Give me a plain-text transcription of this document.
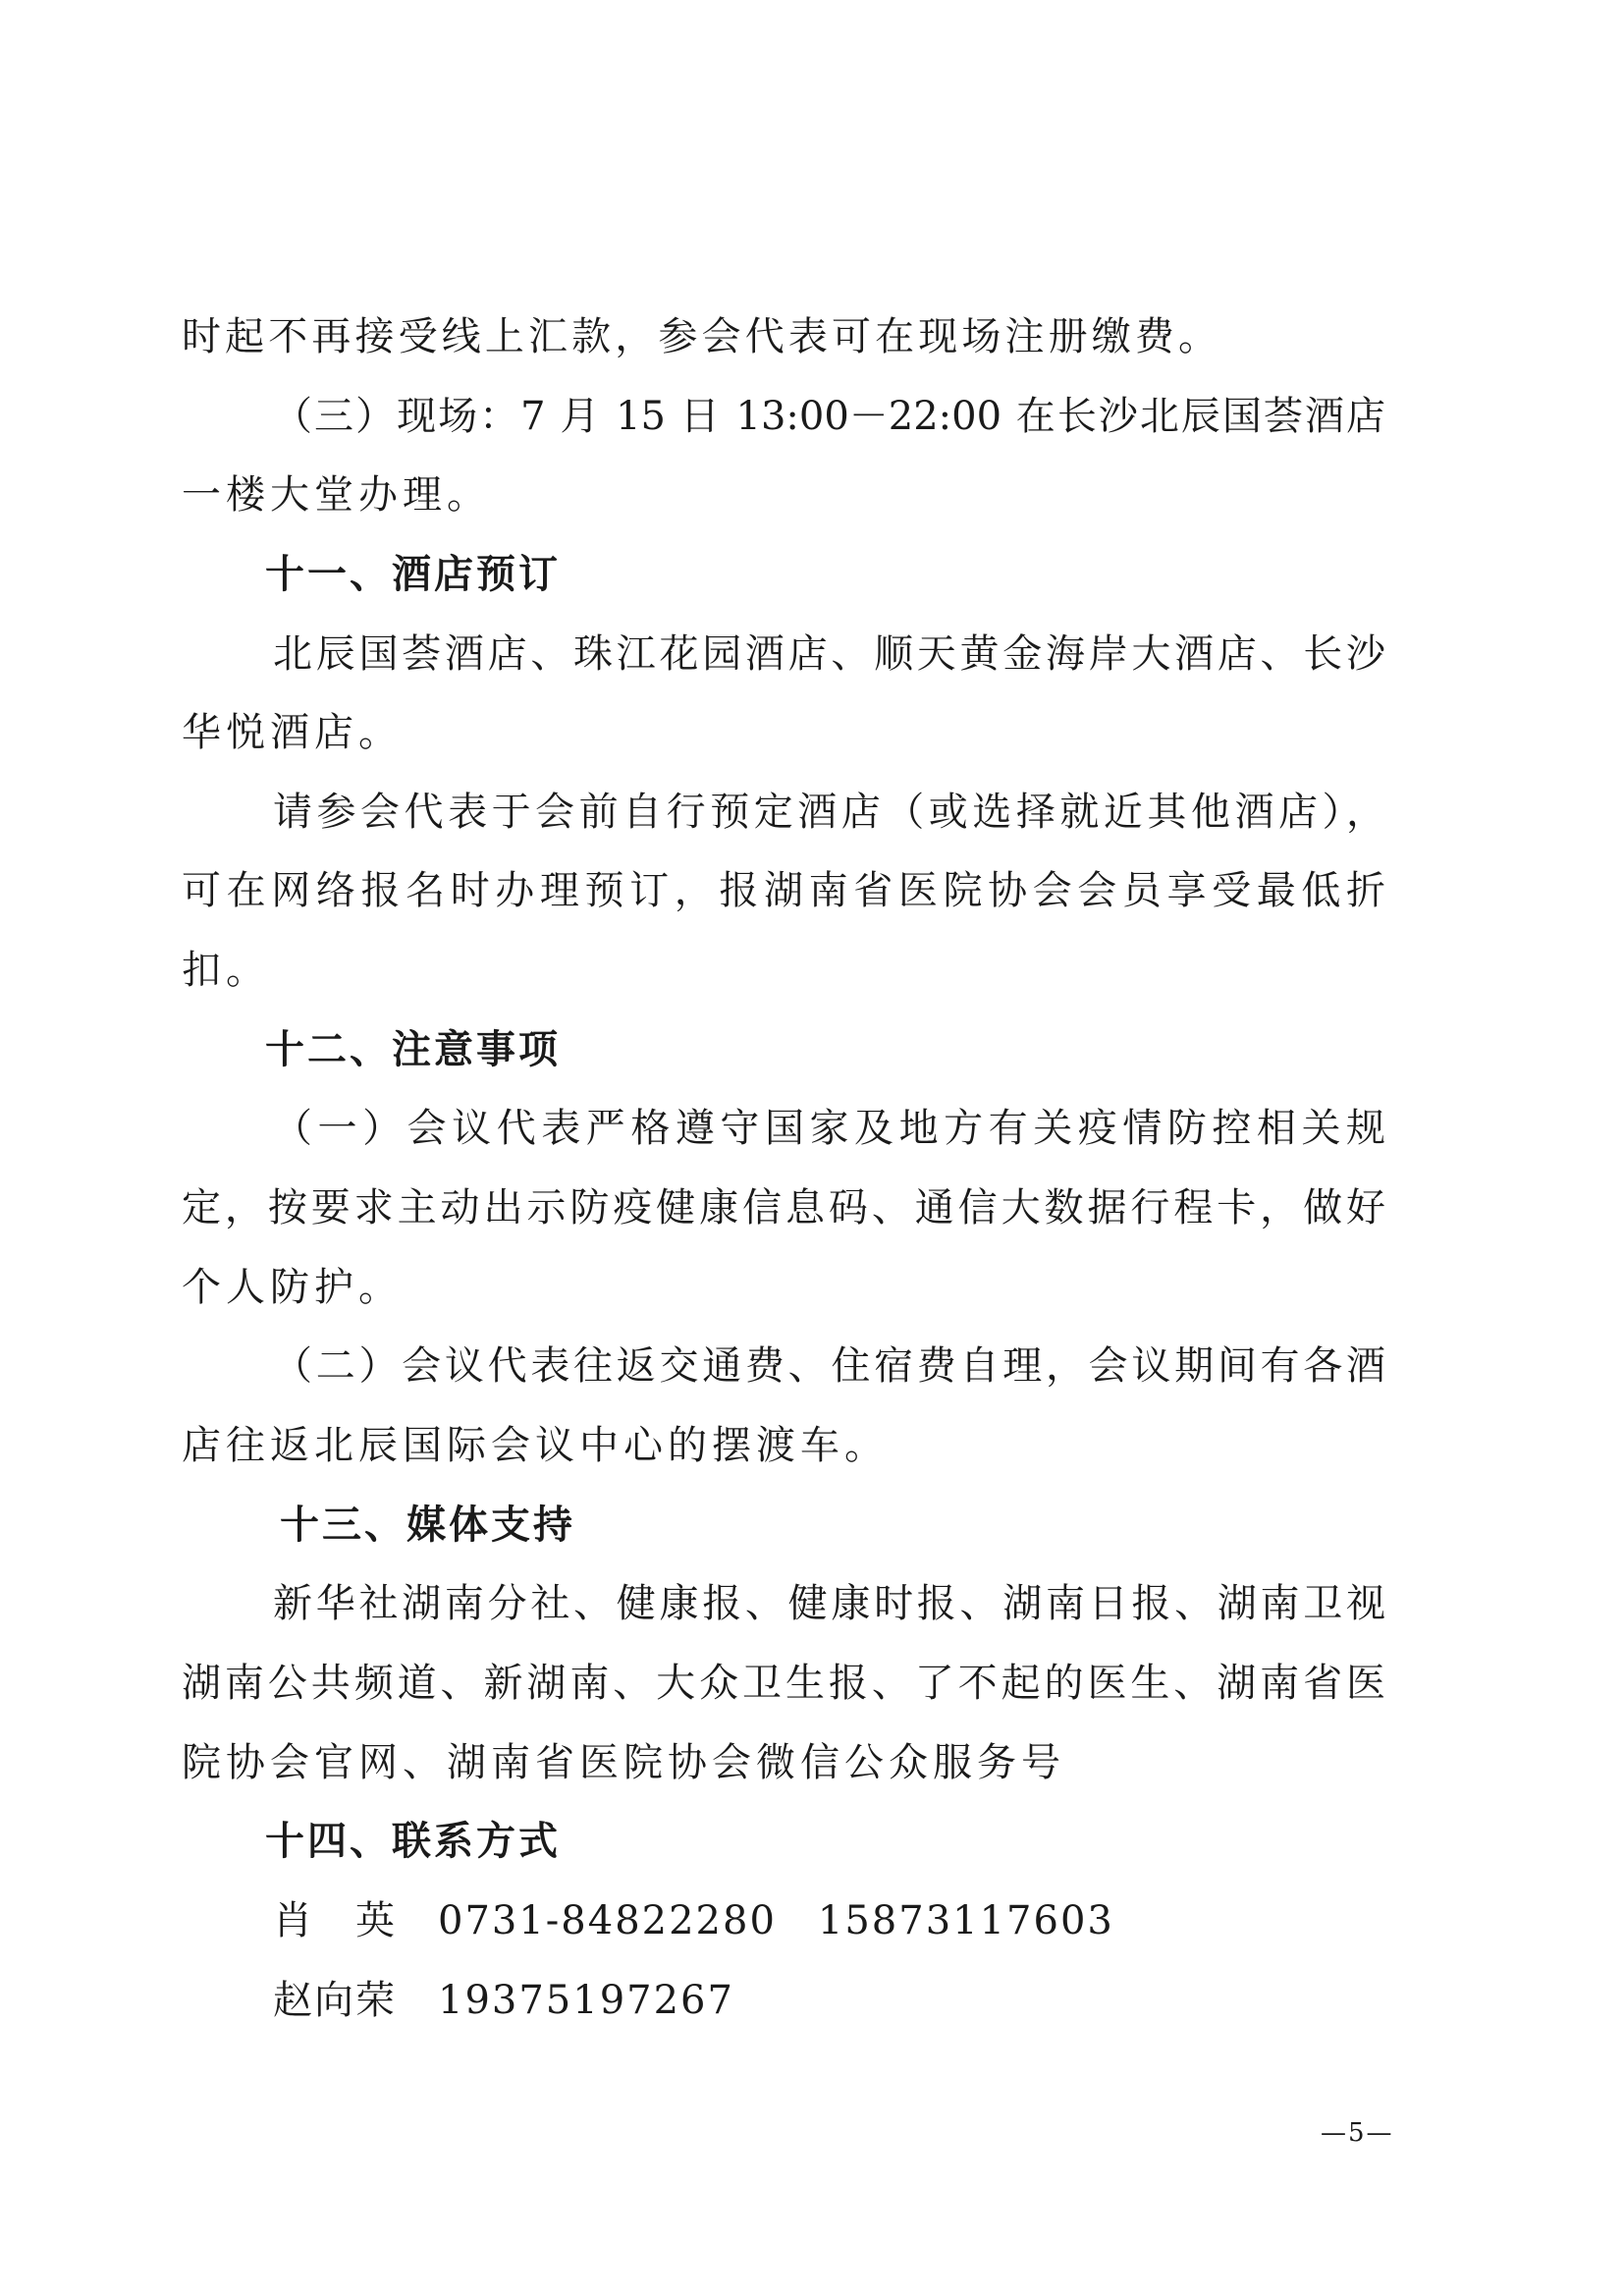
时起不再接受线上汇款，参会代表可在现场注册缴费。
（三）现场：7 月 15 日 13:00－22:00 在长沙北辰国荟酒店
一楼大堂办理。
十一、酒店预订
北辰国荟酒店、珠江花园酒店、顺天黄金海岸大酒店、长沙
华悦酒店。
请参会代表于会前自行预定酒店（或选择就近其他酒店），
可在网络报名时办理预订，报湖南省医院协会会员享受最低折
扣。
十二、注意事项
（一）会议代表严格遵守国家及地方有关疫情防控相关规
定，按要求主动出示防疫健康信息码、通信大数据行程卡，做好
个人防护。
（二）会议代表往返交通费、住宿费自理，会议期间有各酒
店往返北辰国际会议中心的摆渡车。
十三、媒体支持
新华社湖南分社、健康报、健康时报、湖南日报、湖南卫视
湖南公共频道、新湖南、大众卫生报、了不起的医生、湖南省医
院协会官网、湖南省医院协会微信公众服务号
十四、联系方式
肖　英　0731-84822280　15873117603
赵向荣　19375197267
—5—
